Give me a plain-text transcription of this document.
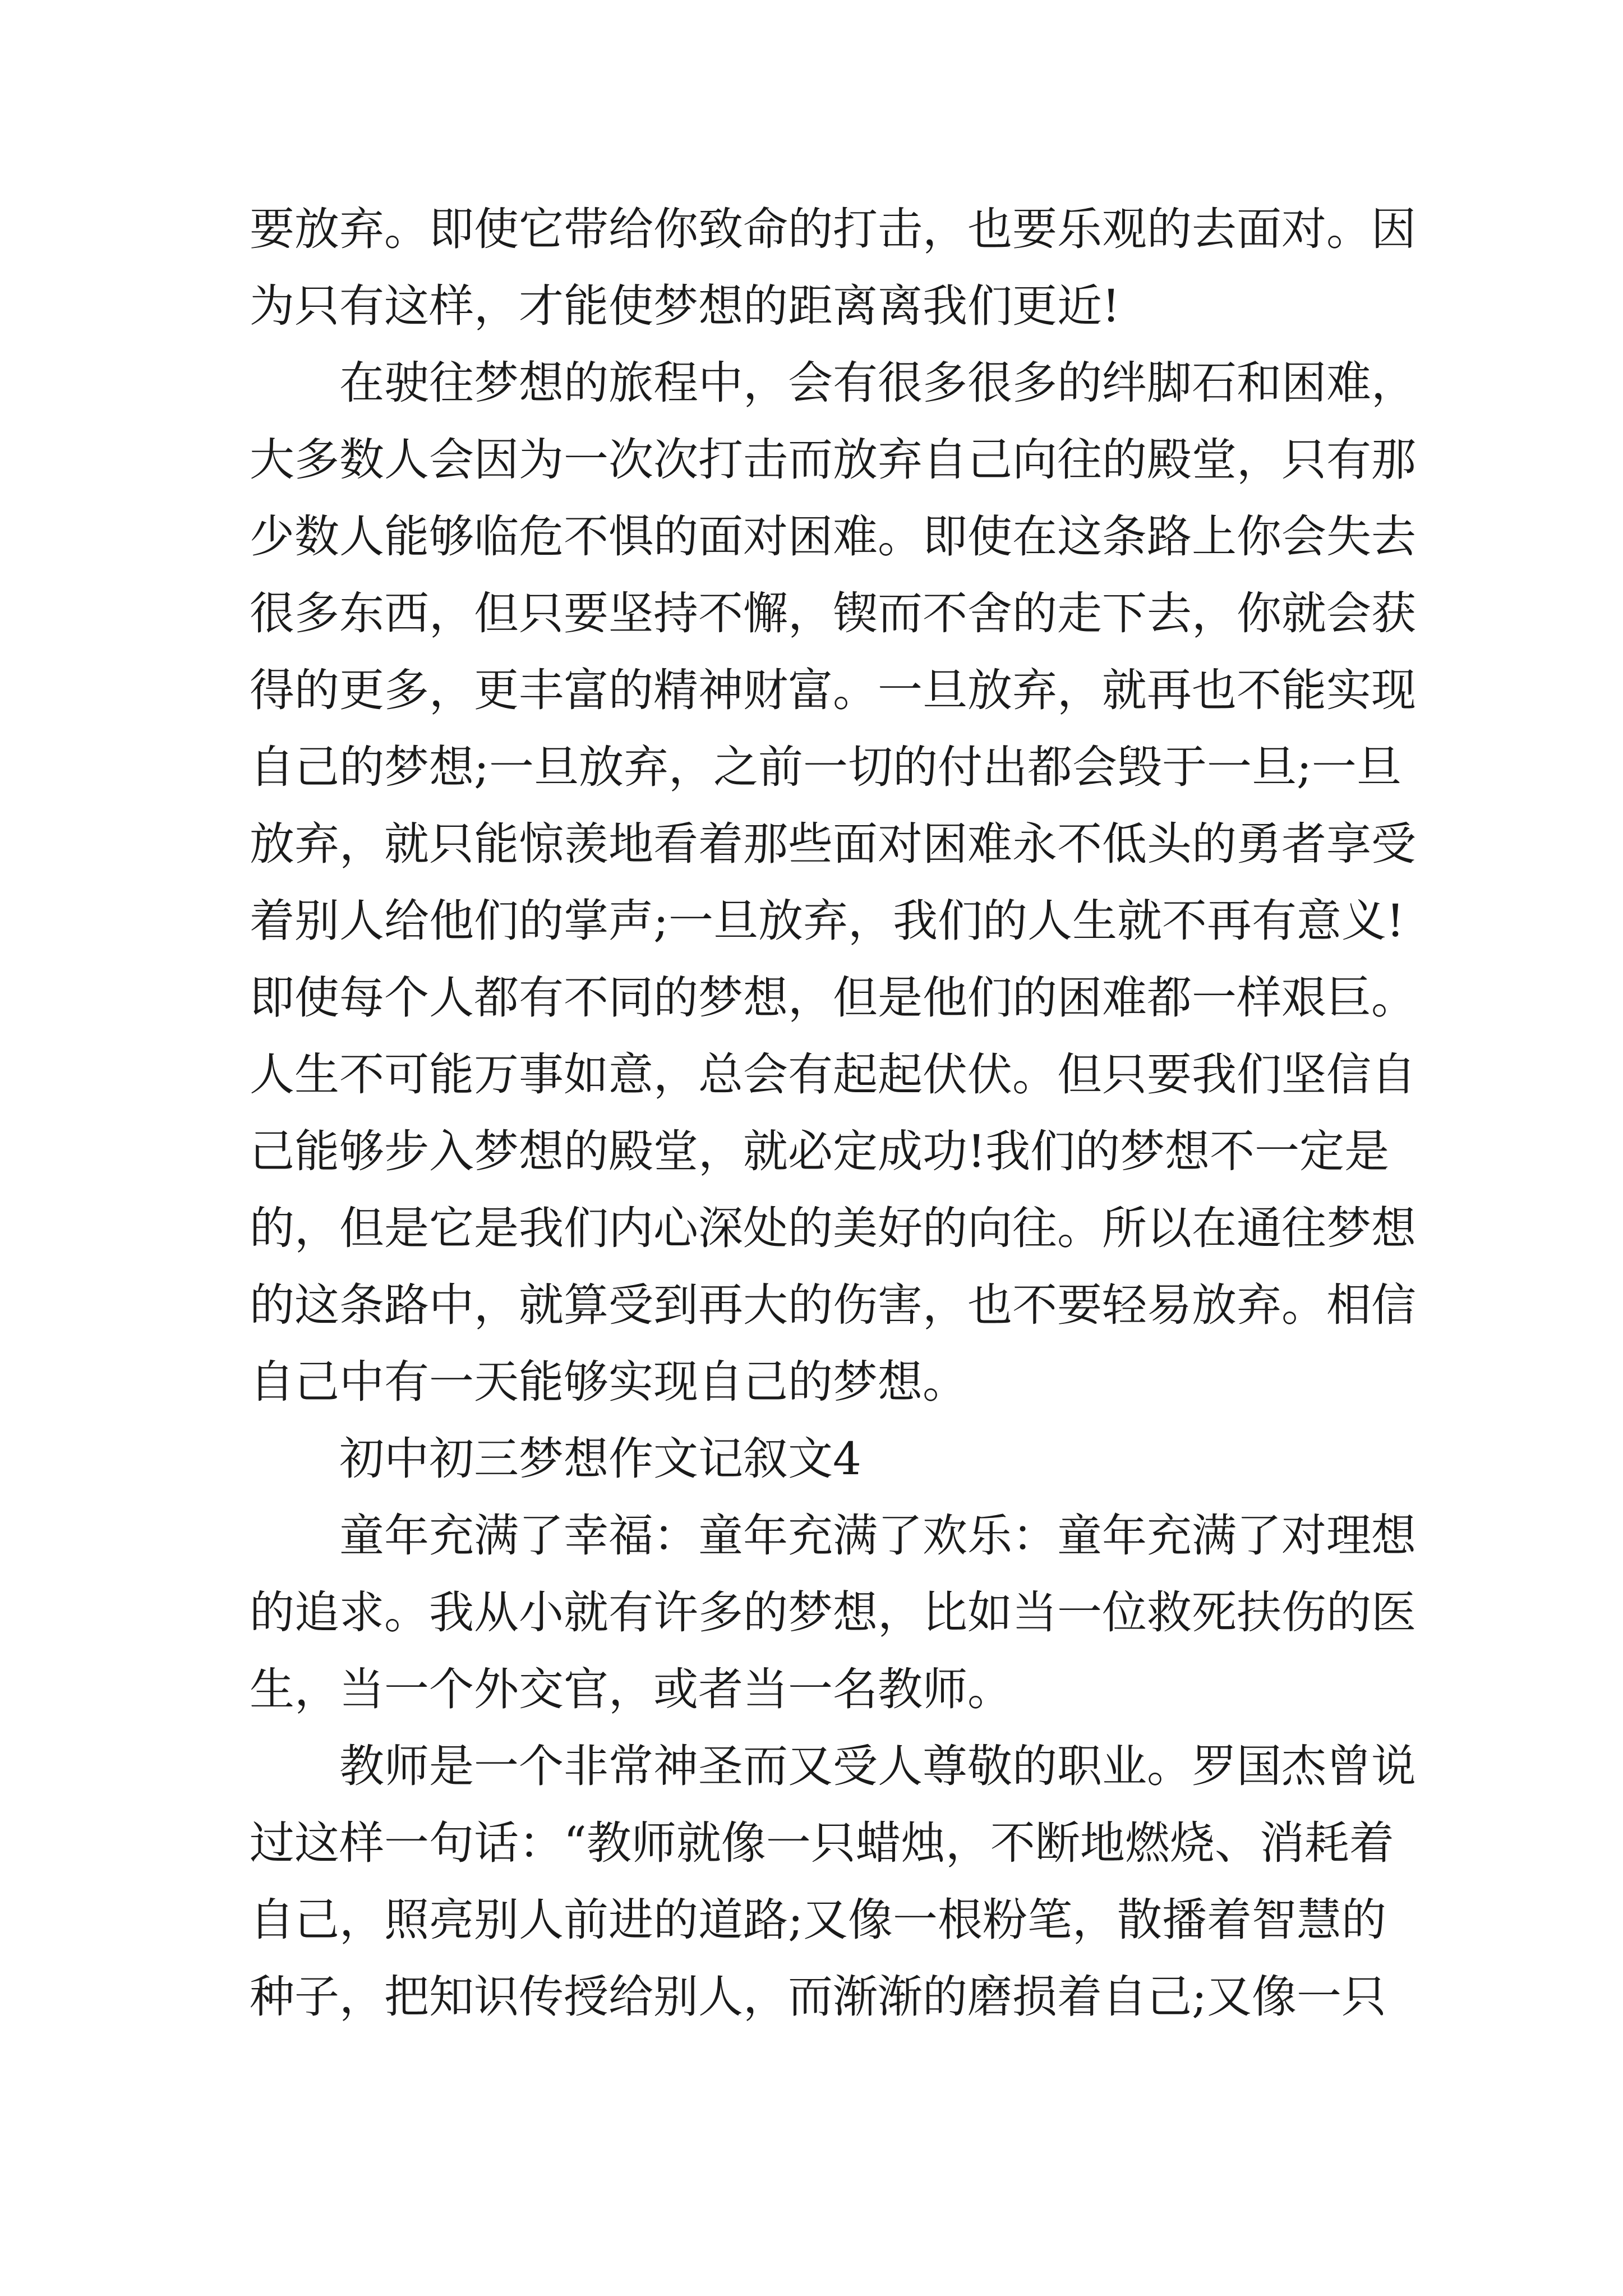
要放弃。即使它带给你致命的打击，也要乐观的去面对。因
为只有这样，才能使梦想的距离离我们更近!
在驶往梦想的旅程中，会有很多很多的绊脚石和困难，
大多数人会因为一次次打击而放弃自己向往的殿堂，只有那
少数人能够临危不惧的面对困难。即使在这条路上你会失去
很多东西，但只要坚持不懈，锲而不舍的走下去，你就会获
得的更多，更丰富的精神财富。一旦放弃，就再也不能实现
自己的梦想;一旦放弃，之前一切的付出都会毁于一旦;一旦
放弃，就只能惊羡地看着那些面对困难永不低头的勇者享受
着别人给他们的掌声;一旦放弃，我们的人生就不再有意义!
即使每个人都有不同的梦想，但是他们的困难都一样艰巨。
人生不可能万事如意，总会有起起伏伏。但只要我们坚信自
己能够步入梦想的殿堂，就必定成功!我们的梦想不一定是
的，但是它是我们内心深处的美好的向往。所以在通往梦想
的这条路中，就算受到再大的伤害，也不要轻易放弃。相信
自己中有一天能够实现自己的梦想。
初中初三梦想作文记叙文4
童年充满了幸福：童年充满了欢乐：童年充满了对理想
的追求。我从小就有许多的梦想，比如当一位救死扶伤的医
生，当一个外交官，或者当一名教师。
教师是一个非常神圣而又受人尊敬的职业。罗国杰曾说
过这样一句话：“教师就像一只蜡烛，不断地燃烧、消耗着
自己，照亮别人前进的道路;又像一根粉笔，散播着智慧的
种子，把知识传授给别人，而渐渐的磨损着自己;又像一只
